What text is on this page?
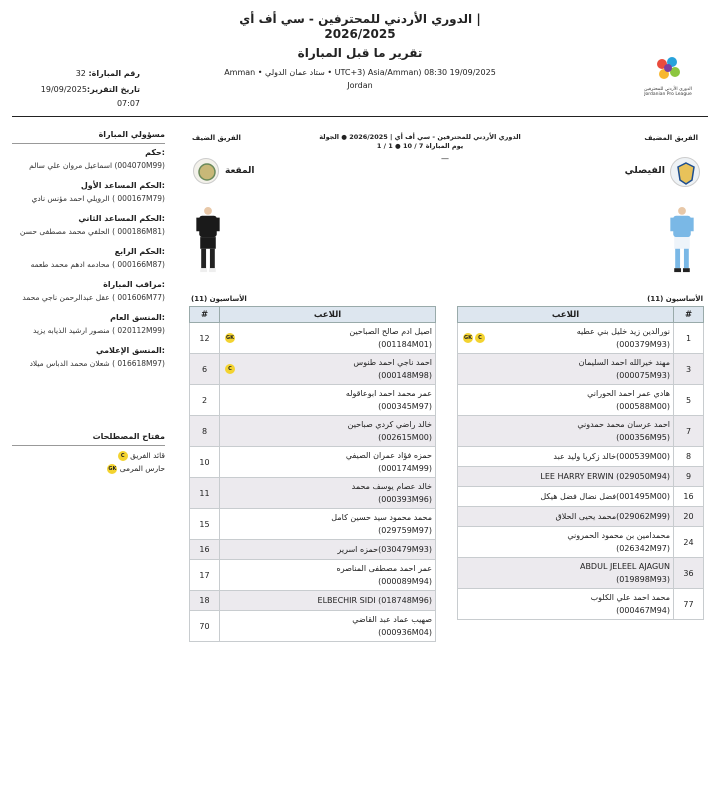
الدوري الأردني للمحترفين - سي أف أي |
2026/2025
تقرير ما قبل المباراة
Amman • ستاد عمان الدولي • UTC+3) Asia/Amman) 08:30 19/09/2025
Jordan
رقم المباراة: 32
تاريخ التقرير:19/09/2025
07:07
الدوري الأردني للمحترفين Jordanian Pro League
مسؤولي المباراة
حكم:
اسماعيل مروان علي سالم (004070M99)
الحكم المساعد الأول:
الرويلي احمد مؤنس نادي ( 000167M79)
الحكم المساعد الثاني:
الحلفي محمد مصطفى حسن ( 000186M81)
الحكم الرابع:
محادمه ادهم محمد طعمه ( 000166M87)
مراقب المباراة:
عقل عبدالرحمن ناجي محمد ( 001606M77)
المنسق العام:
منصور ارشيد الذيابه يزيد ( 020112M99)
المنسق الإعلامي:
شعلان محمد الدباس ميلاد ( 016618M97)
مفتاح المصطلحات
C قائد الفريق
GK حارس المرمى
الفريق المضيف
الفريق الضيف	الدوري الأردني للمحترفين - سي أف أي | 2026/2025 ● الجولة
1 / 1 ● يوم المباراة 7 / 10
—
الفيصلي
المقعة
الأساسيون (11)
الأساسيون (11)
اللاعب	#

GK C
نورالدين زيد خليل بني عطيه
(000379M93)	1

مهند خيرالله احمد السليمان
(000075M93)	3

هادي عمر احمد الحوراني
(000588M00)	5

احمد عرسان محمد حمدوني
(000356M95)	7

خالد زكريا وليد عبد(000539M00)	8

LEE HARRY ERWIN (029050M94)	9

فضل نضال فضل هيكل(001495M00)	16

محمد يحيى الحلاق(029062M99)	20

محمدامين بن محمود الحمروني
(026342M97)	24

ABDUL JELEEL AJAGUN
(019898M93)	36

محمد احمد علي الكلوب
(000467M94)	77
#	اللاعب
12	GK
اصيل ادم صالح الصباحين
(001184M01)

6	C
احمد ناجي احمد طنوس
(000148M98)

2	عمر محمد احمد ابوعاقوله
(000345M97)

8	خالد راضي كردي صباحين
(002615M00)

10	حمزه فؤاد عمران الصيفي
(000174M99)

11	خالد عصام يوسف محمد
(000393M96)

15	محمد محمود سيد حسين كامل
(029759M97)

16	حمزه اسرير(030479M93)

17	عمر احمد مصطفى المناصره
(000089M94)

18	ELBECHIR SIDI (018748M96)

70	صهيب عماد عبد القاضي
(000936M04)
